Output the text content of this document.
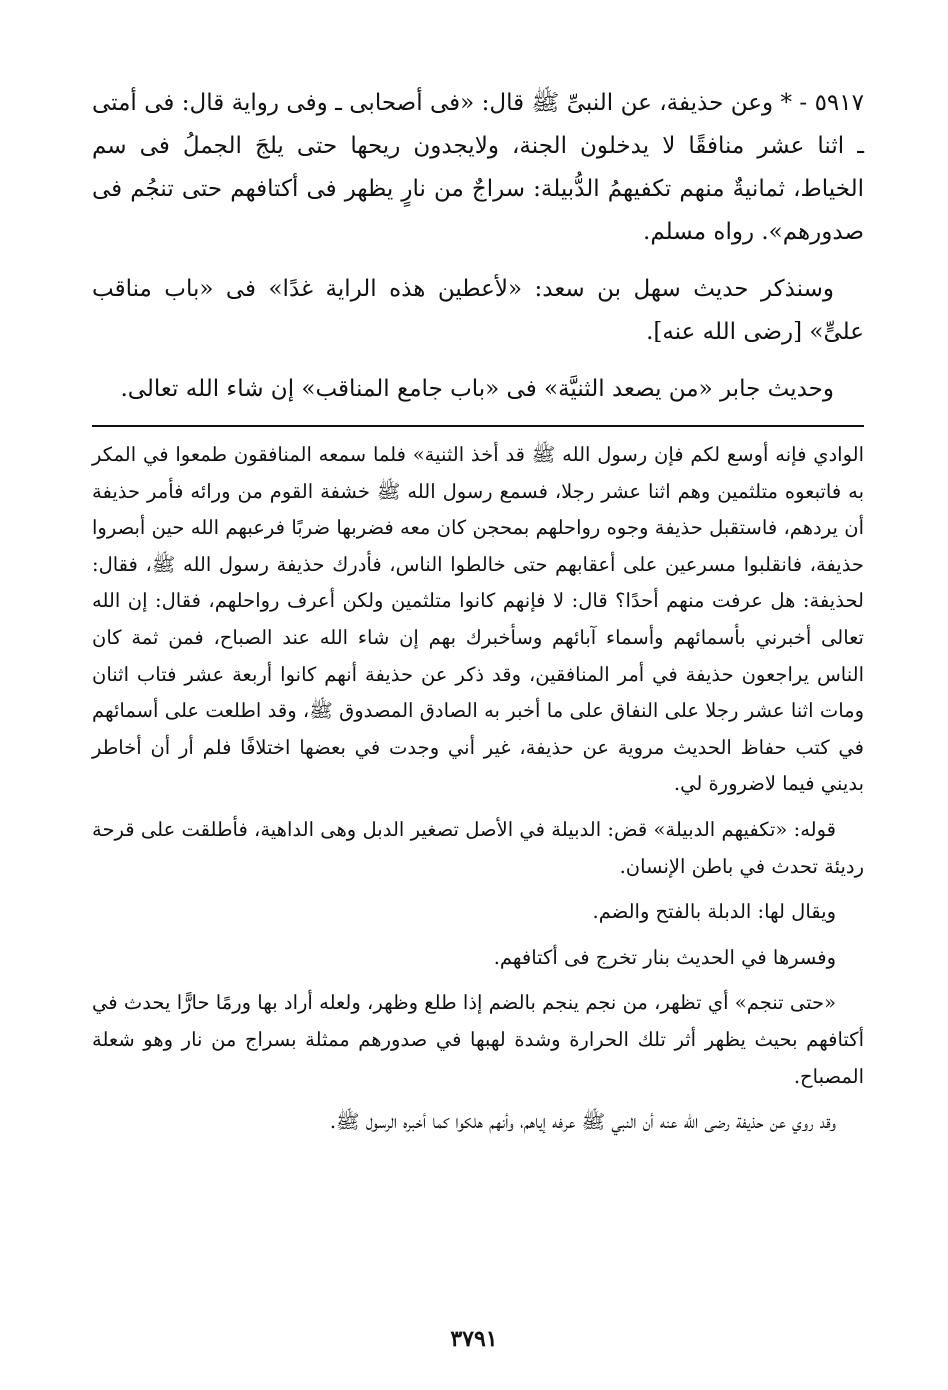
٥٩١٧ - * وعن حذيفة، عن النبىِّ ﷺ قال: «فى أصحابى ـ وفى رواية قال: فى أمتى ـ اثنا عشر منافقًا لا يدخلون الجنة، ولايجدون ريحها حتى يلجَ الجملُ فى سم الخياط، ثمانيةٌ منهم تكفيهمُ الدُّبيلة: سراجٌ من نارٍ يظهر فى أكتافهم حتى تنجُم فى صدورهم». رواه مسلم.

وسنذكر حديث سهل بن سعد: «لأعطين هذه الراية غدًا» فى «باب مناقب علىٍّ» [رضى الله عنه].

وحديث جابر «من يصعد الثنيَّة» فى «باب جامع المناقب» إن شاء الله تعالى.

الوادي فإنه أوسع لكم فإن رسول الله ﷺ قد أخذ الثنية» فلما سمعه المنافقون طمعوا في المكر به فاتبعوه متلثمين وهم اثنا عشر رجلا، فسمع رسول الله ﷺ خشفة القوم من ورائه فأمر حذيفة أن يردهم، فاستقبل حذيفة وجوه رواحلهم بمحجن كان معه فضربها ضربًا فرعبهم الله حين أبصروا حذيفة، فانقلبوا مسرعين على أعقابهم حتى خالطوا الناس، فأدرك حذيفة رسول الله ﷺ، فقال: لحذيفة: هل عرفت منهم أحدًا؟ قال: لا فإنهم كانوا متلثمين ولكن أعرف رواحلهم، فقال: إن الله تعالى أخبرني بأسمائهم وأسماء آبائهم وسأخبرك بهم إن شاء الله عند الصباح، فمن ثمة كان الناس يراجعون حذيفة في أمر المنافقين، وقد ذكر عن حذيفة أنهم كانوا أربعة عشر فتاب اثنان ومات اثنا عشر رجلا على النفاق على ما أخبر به الصادق المصدوق ﷺ، وقد اطلعت على أسمائهم في كتب حفاظ الحديث مروية عن حذيفة، غير أني وجدت في بعضها اختلافًا فلم أر أن أخاطر بديني فيما لاضرورة لي.

قوله: «تكفيهم الدبيلة» قض: الدبيلة في الأصل تصغير الدبل وهى الداهية، فأطلقت على قرحة رديئة تحدث في باطن الإنسان.

ويقال لها: الدبلة بالفتح والضم.

وفسرها في الحديث بنار تخرج فى أكتافهم.

«حتى تنجم» أي تظهر، من نجم ينجم بالضم إذا طلع وظهر، ولعله أراد بها ورمًا حارًّا يحدث في أكتافهم بحيث يظهر أثر تلك الحرارة وشدة لهبها في صدورهم ممثلة بسراج من نار وهو شعلة المصباح.

وقد روي عن حذيفة رضى الله عنه أن النبي ﷺ عرفه إياهم، وأنهم هلكوا كما أخبره الرسول ﷺ.

٣٧٩١
